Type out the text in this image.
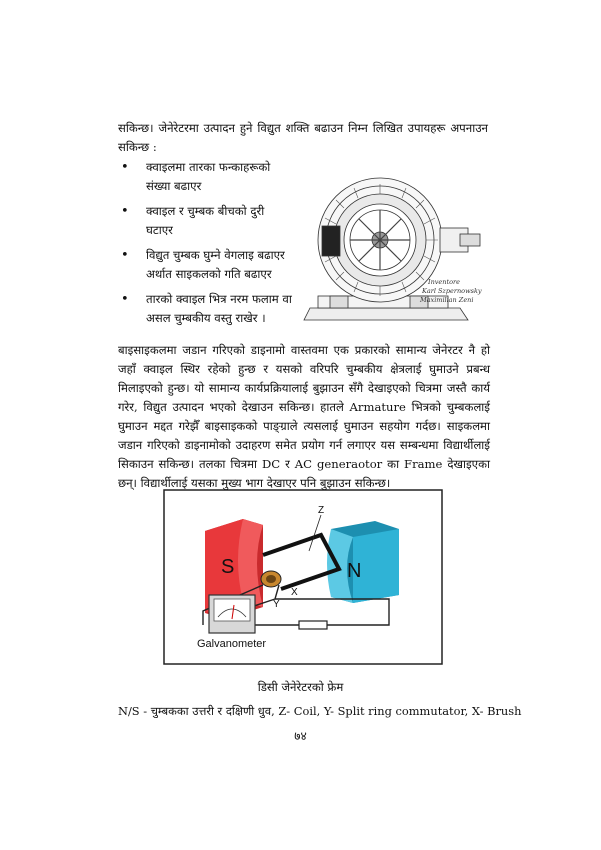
सकिन्छ। जेनेरेटरमा उत्पादन हुने विद्युत शक्ति बढाउन निम्न लिखित उपायहरू अपनाउन सकिन्छ :

• क्वाइलमा तारका फन्काहरूको संख्या बढाएर
• क्वाइल र चुम्बक बीचको दुरी घटाएर
• विद्युत चुम्बक घुम्ने वेगलाइ बढाएर अर्थात साइकलको गति बढाएर
• तारको क्वाइल भित्र नरम फलाम वा असल चुम्बकीय वस्तु राखेर ।
Inventore
Karl Szpernowsky
Maximilian Zeni

बाइसाइकलमा जडान गरिएको डाइनामो वास्तवमा एक प्रकारको सामान्य जेनेरटर नै हो जहाँ क्वाइल स्थिर रहेको हुन्छ र यसको वरिपरि चुम्बकीय क्षेत्रलाई घुमाउने प्रबन्ध मिलाइएको हुन्छ। यो सामान्य कार्यप्रक्रियालाई बुझाउन सँगै देखाइएको चित्रमा जस्तै कार्य गरेर, विद्युत उत्पादन भएको देखाउन सकिन्छ। हातले Armature भित्रको चुम्बकलाई घुमाउन मद्दत गरेझैँ बाइसाइकको पाङ्ग्राले त्यसलाई घुमाउन सहयोग गर्दछ। साइकलमा जडान गरिएको डाइनामोको उदाहरण समेत प्रयोग गर्न लगाएर यस सम्बन्धमा विद्यार्थीलाई सिकाउन सकिन्छ। तलका चित्रमा DC र AC generaotor का Frame देखाइएका छन्। विद्यार्थीलाई यसका मुख्य भाग देखाएर पनि बुझाउन सकिन्छ।

S	N
Z
X
Y
Galvanometer
डिसी जेनेरेटरको फ्रेम
N/S - चुम्बकका उत्तरी र दक्षिणी धुव, Z- Coil, Y- Split ring commutator, X- Brush
७४
